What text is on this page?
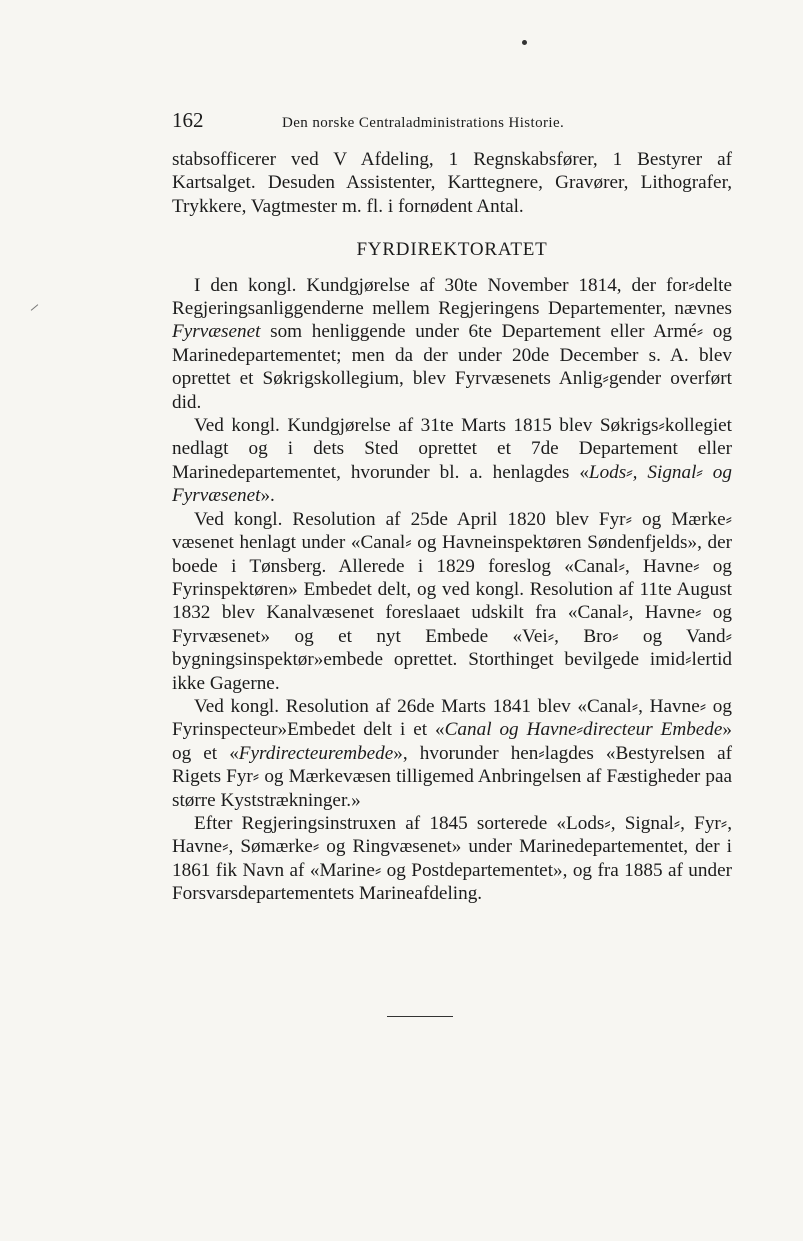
162	Den norske Centraladministrations Historie.

stabsofficerer ved V Afdeling, 1 Regnskabsfører, 1 Bestyrer af Kartsalget. Desuden Assistenter, Karttegnere, Gravører, Lithografer, Trykkere, Vagtmester m. fl. i fornødent Antal.

FYRDIREKTORATET

I den kongl. Kundgjørelse af 30te November 1814, der for⸗delte Regjeringsanliggenderne mellem Regjeringens Departementer, nævnes Fyrvæsenet som henliggende under 6te Departement eller Armé⸗ og Marinedepartementet; men da der under 20de December s. A. blev oprettet et Søkrigskollegium, blev Fyrvæsenets Anlig⸗gender overført did.

Ved kongl. Kundgjørelse af 31te Marts 1815 blev Søkrigs⸗kollegiet nedlagt og i dets Sted oprettet et 7de Departement eller Marinedepartementet, hvorunder bl. a. henlagdes «Lods⸗, Signal⸗ og Fyrvæsenet».

Ved kongl. Resolution af 25de April 1820 blev Fyr⸗ og Mærke⸗væsenet henlagt under «Canal⸗ og Havneinspektøren Søndenfjelds», der boede i Tønsberg. Allerede i 1829 foreslog «Canal⸗, Havne⸗ og Fyrinspektøren» Embedet delt, og ved kongl. Resolution af 11te August 1832 blev Kanalvæsenet foreslaaet udskilt fra «Canal⸗, Havne⸗ og Fyrvæsenet» og et nyt Embede «Vei⸗, Bro⸗ og Vand⸗bygningsinspektør»embede oprettet. Storthinget bevilgede imid⸗lertid ikke Gagerne.

Ved kongl. Resolution af 26de Marts 1841 blev «Canal⸗, Havne⸗ og Fyrinspecteur»Embedet delt i et «Canal og Havne⸗directeur Embede» og et «Fyrdirecteurembede», hvorunder hen⸗lagdes «Bestyrelsen af Rigets Fyr⸗ og Mærkevæsen tilligemed Anbringelsen af Fæstigheder paa større Kyststrækninger.»

Efter Regjeringsinstruxen af 1845 sorterede «Lods⸗, Signal⸗, Fyr⸗, Havne⸗, Sømærke⸗ og Ringvæsenet» under Marinedepartementet, der i 1861 fik Navn af «Marine⸗ og Postdepartementet», og fra 1885 af under Forsvarsdepartementets Marineafdeling.
